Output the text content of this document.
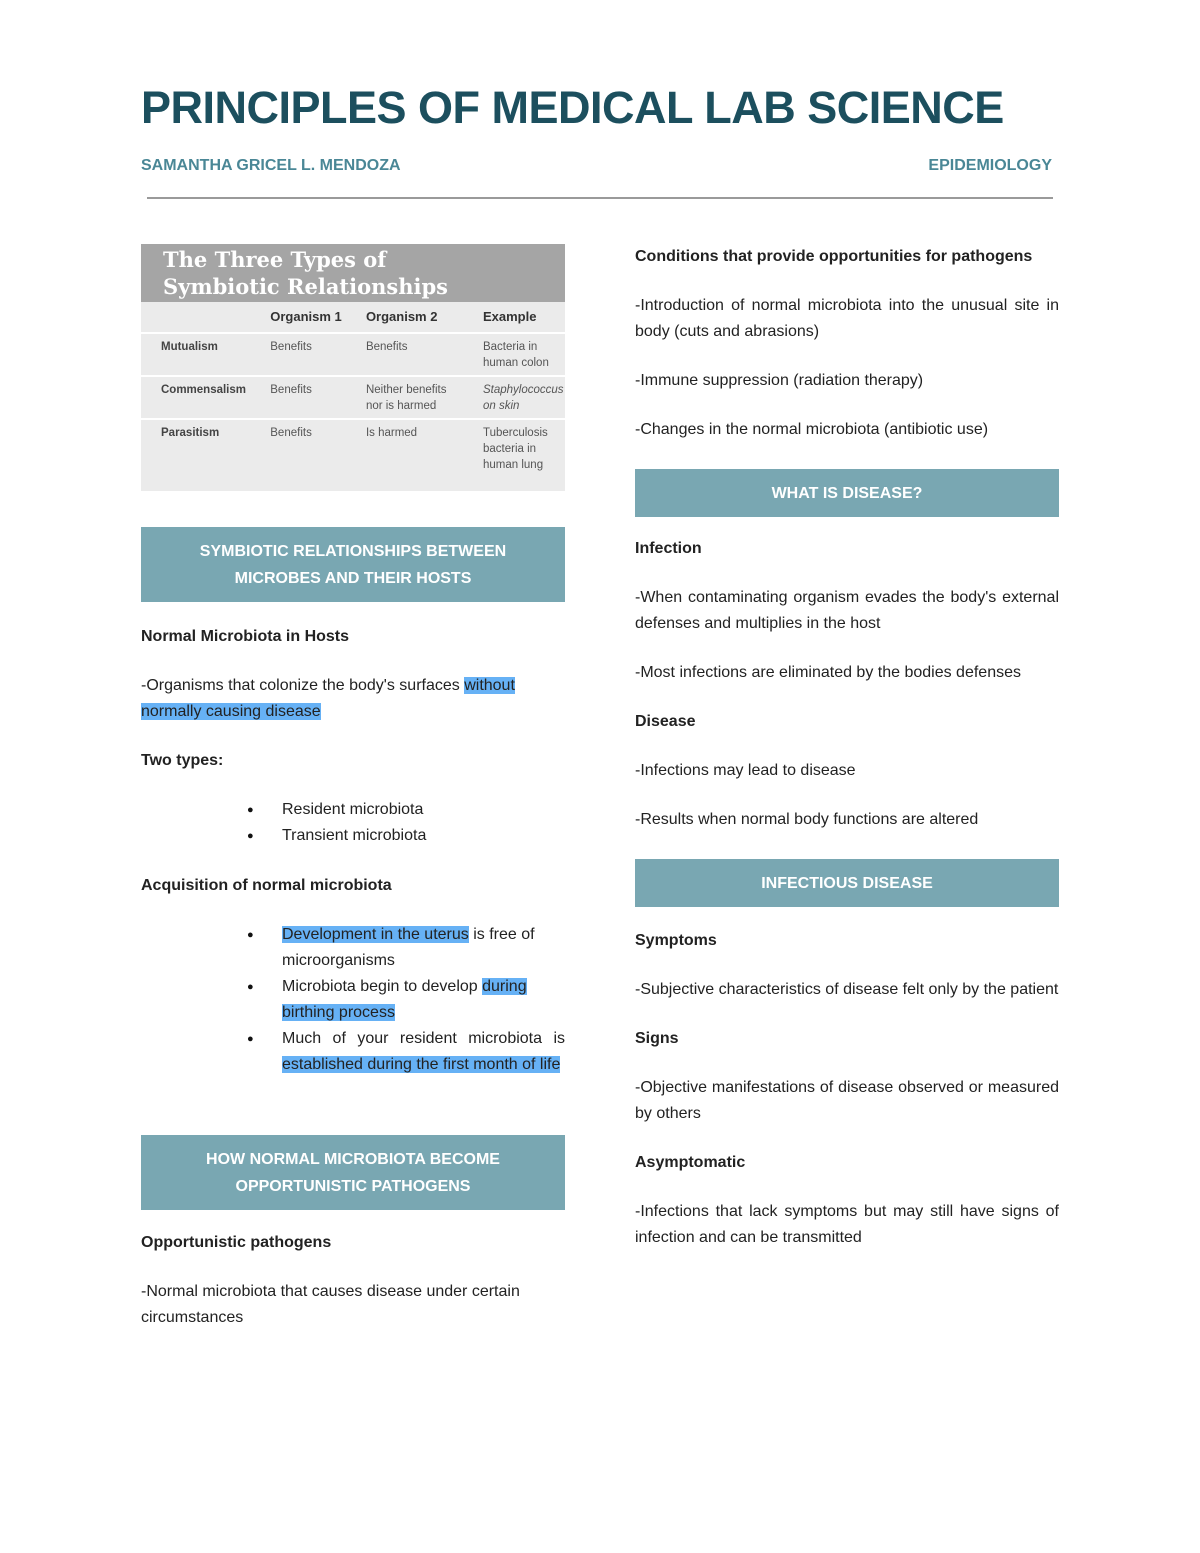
PRINCIPLES OF MEDICAL LAB SCIENCE
SAMANTHA GRICEL L. MENDOZA	EPIDEMIOLOGY
The Three Types of
Symbiotic Relationships
	Organism 1	Organism 2	Example
Mutualism	Benefits	Benefits	Bacteria in human colon
Commensalism	Benefits	Neither benefits nor is harmed	Staphylococcus on skin
Parasitism	Benefits	Is harmed	Tuberculosis bacteria in human lung
SYMBIOTIC RELATIONSHIPS BETWEEN MICROBES AND THEIR HOSTS

Normal Microbiota in Hosts

-Organisms that colonize the body's surfaces without normally causing disease

Two types:

● Resident microbiota
● Transient microbiota

Acquisition of normal microbiota

● Development in the uterus is free of microorganisms
● Microbiota begin to develop during birthing process
● Much of your resident microbiota is established during the first month of life
HOW NORMAL MICROBIOTA BECOME OPPORTUNISTIC PATHOGENS

Opportunistic pathogens

-Normal microbiota that causes disease under certain circumstances

Conditions that provide opportunities for pathogens

-Introduction of normal microbiota into the unusual site in body (cuts and abrasions)

-Immune suppression (radiation therapy)

-Changes in the normal microbiota (antibiotic use)

WHAT IS DISEASE?

Infection

-When contaminating organism evades the body's external defenses and multiplies in the host

-Most infections are eliminated by the bodies defenses

Disease

-Infections may lead to disease

-Results when normal body functions are altered

INFECTIOUS DISEASE

Symptoms

-Subjective characteristics of disease felt only by the patient

Signs

-Objective manifestations of disease observed or measured by others

Asymptomatic

-Infections that lack symptoms but may still have signs of infection and can be transmitted
